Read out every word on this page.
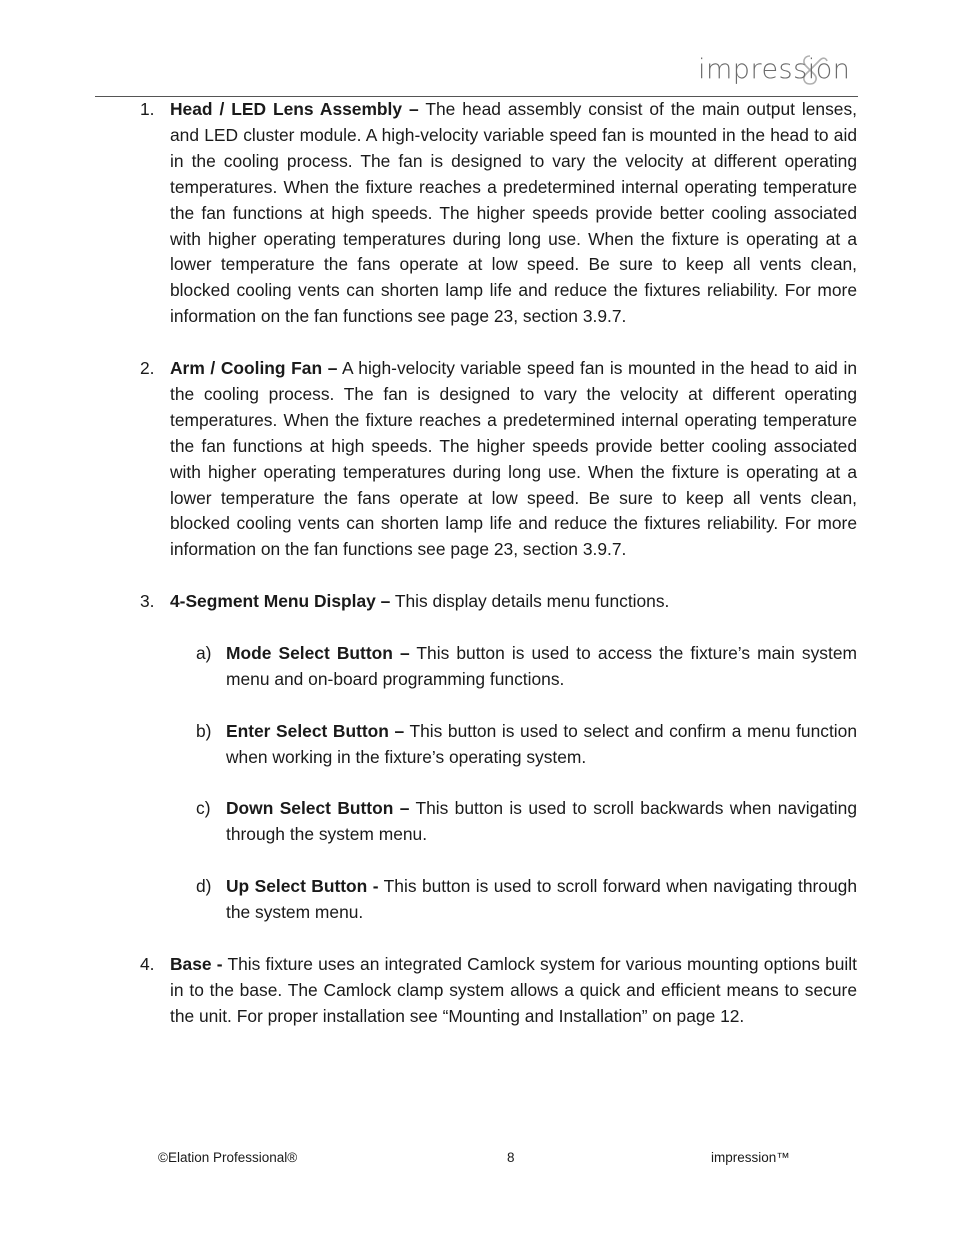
impression
1. Head / LED Lens Assembly – The head assembly consist of the main output lenses, and LED cluster module. A high-velocity variable speed fan is mounted in the head to aid in the cooling process. The fan is designed to vary the velocity at different operating temperatures. When the fixture reaches a predetermined internal operating temperature the fan functions at high speeds. The higher speeds provide better cooling associated with higher operating temperatures during long use. When the fixture is operating at a lower temperature the fans operate at low speed. Be sure to keep all vents clean, blocked cooling vents can shorten lamp life and reduce the fixtures reliability. For more information on the fan functions see page 23, section 3.9.7.
2. Arm / Cooling Fan – A high-velocity variable speed fan is mounted in the head to aid in the cooling process. The fan is designed to vary the velocity at different operating temperatures. When the fixture reaches a predetermined internal operating temperature the fan functions at high speeds. The higher speeds provide better cooling associated with higher operating temperatures during long use. When the fixture is operating at a lower temperature the fans operate at low speed. Be sure to keep all vents clean, blocked cooling vents can shorten lamp life and reduce the fixtures reliability. For more information on the fan functions see page 23, section 3.9.7.
3. 4-Segment Menu Display – This display details menu functions.
a) Mode Select Button – This button is used to access the fixture’s main system menu and on-board programming functions.
b) Enter Select Button – This button is used to select and confirm a menu function when working in the fixture’s operating system.
c) Down Select Button – This button is used to scroll backwards when navigating through the system menu.
d) Up Select Button - This button is used to scroll forward when navigating through the system menu.
4. Base - This fixture uses an integrated Camlock system for various mounting options built in to the base. The Camlock clamp system allows a quick and efficient means to secure the unit. For proper installation see “Mounting and Installation” on page 12.
©Elation Professional®	8	impression™
